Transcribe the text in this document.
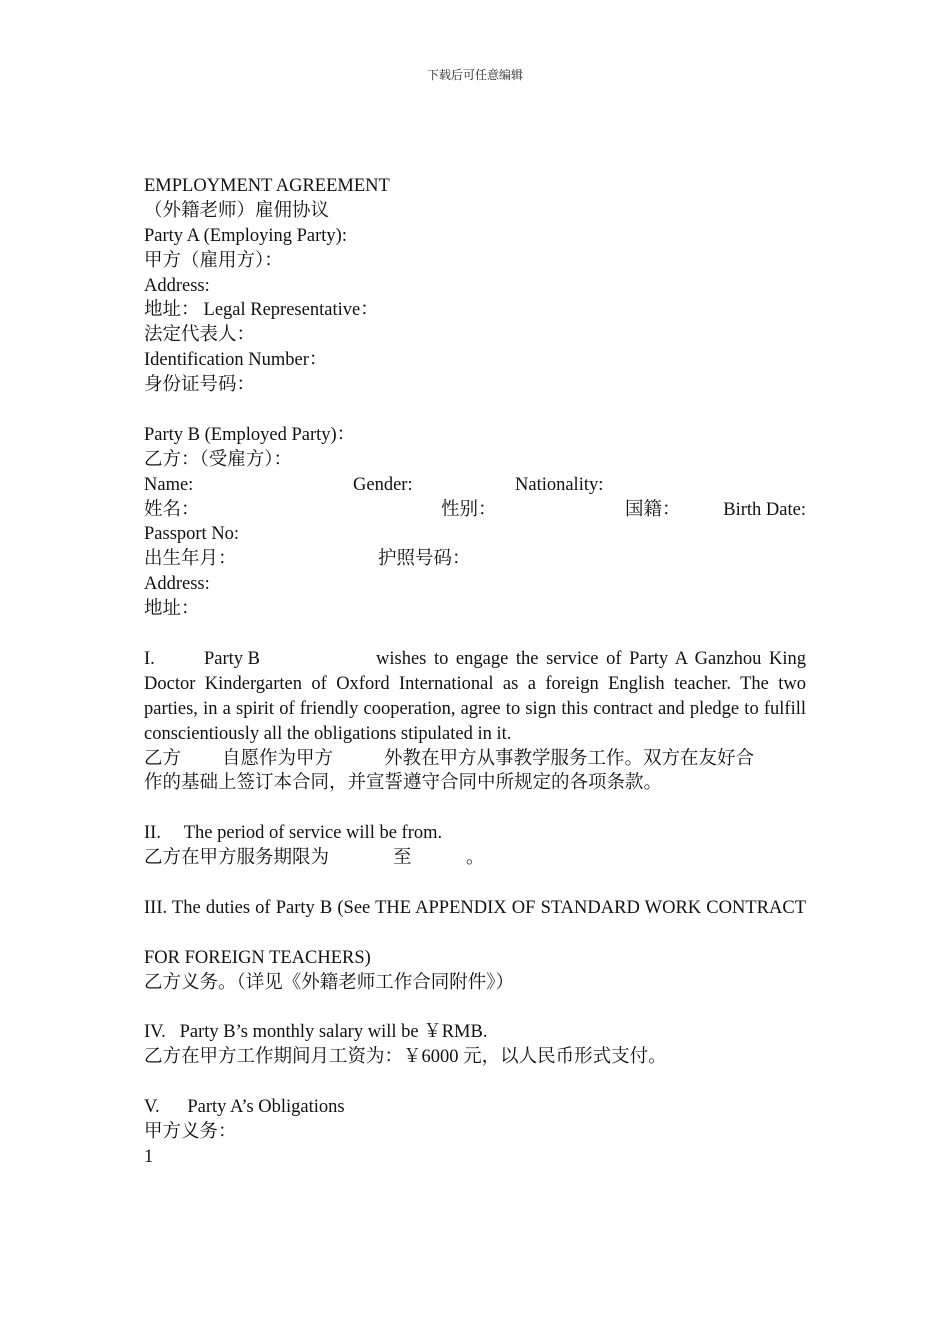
下载后可任意编辑
EMPLOYMENT AGREEMENT
（外籍老师）雇佣协议
Party A (Employing Party):
甲方（雇用方）：
Address:
地址： Legal Representative：
法定代表人：
Identification Number：
身份证号码：
Party B (Employed Party)：
乙方：（受雇方）：
Name:	Gender:	Nationality:
姓名：	性别：	国籍： Birth Date:
Passport No:
出生年月：	护照号码：
Address:
地址：
I.	Party B	wishes to engage the service of Party A Ganzhou King
Doctor Kindergarten of Oxford International as a foreign English teacher. The two parties, in a spirit of friendly cooperation, agree to sign this contract and pledge to fulfill conscientiously all the obligations stipulated in it.
乙方 自愿作为甲方	外教在甲方从事教学服务工作。双方在友好合
作的基础上签订本合同，并宣誓遵守合同中所规定的各项条款。
II.     The period of service will be from.
乙方在甲方服务期限为	至	。
III. The duties of Party B (See THE APPENDIX OF STANDARD WORK CONTRACT
FOR FOREIGN TEACHERS)
乙方义务。（详见《外籍老师工作合同附件》）
IV.   Party B’s monthly salary will be ￥RMB.
乙方在甲方工作期间月工资为：￥6000 元，以人民币形式支付。
V.      Party A’s Obligations
甲方义务：
1
